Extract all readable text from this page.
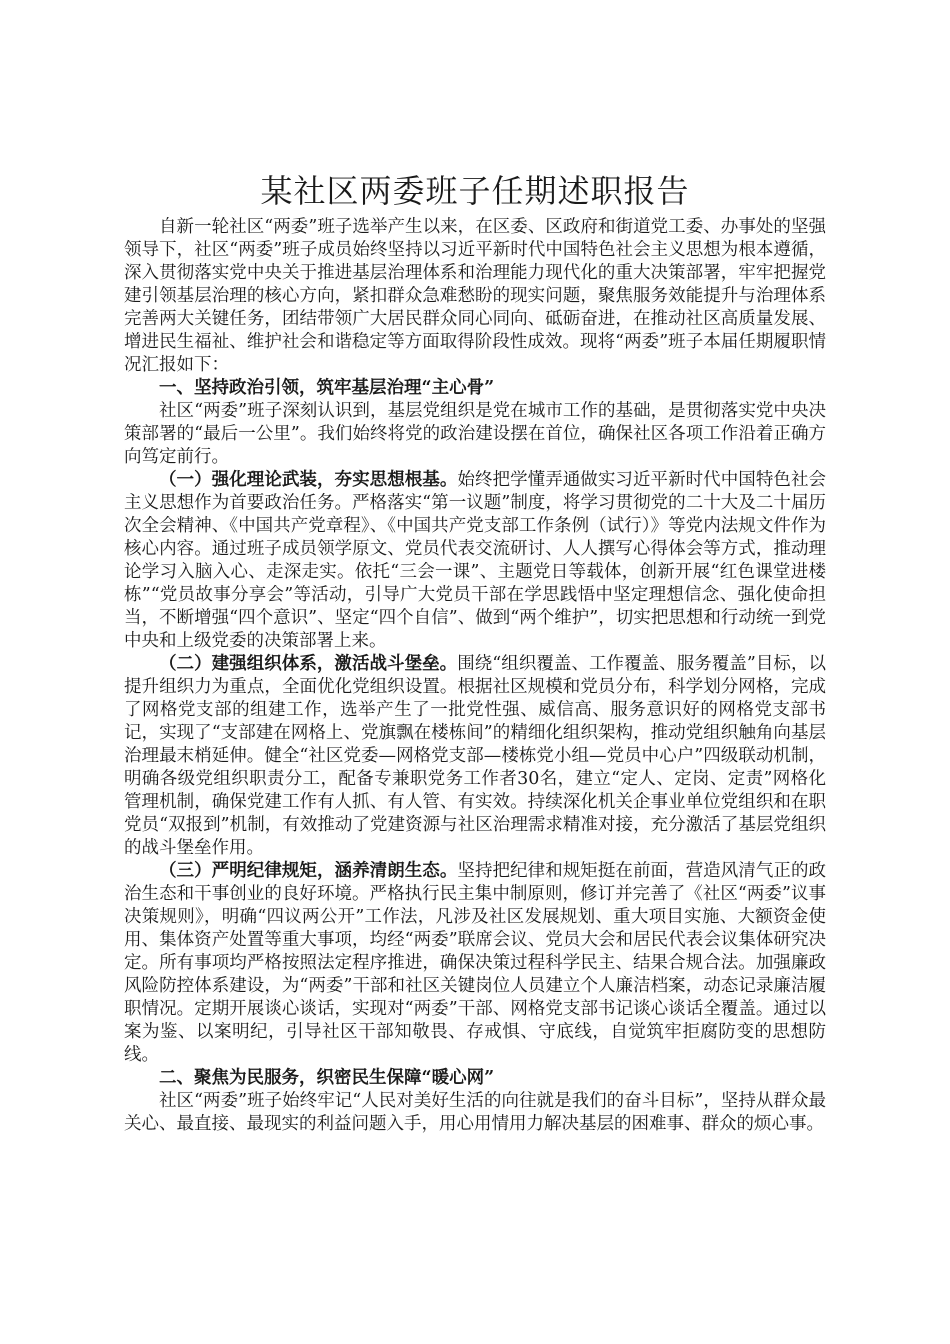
某社区两委班子任期述职报告

自新一轮社区“两委”班子选举产生以来，在区委、区政府和街道党工委、办事处的坚强领导下，社区“两委”班子成员始终坚持以习近平新时代中国特色社会主义思想为根本遵循，深入贯彻落实党中央关于推进基层治理体系和治理能力现代化的重大决策部署，牢牢把握党建引领基层治理的核心方向，紧扣群众急难愁盼的现实问题，聚焦服务效能提升与治理体系完善两大关键任务，团结带领广大居民群众同心同向、砥砺奋进，在推动社区高质量发展、增进民生福祉、维护社会和谐稳定等方面取得阶段性成效。现将“两委”班子本届任期履职情况汇报如下：

一、坚持政治引领，筑牢基层治理“主心骨”

社区“两委”班子深刻认识到，基层党组织是党在城市工作的基础，是贯彻落实党中央决策部署的“最后一公里”。我们始终将党的政治建设摆在首位，确保社区各项工作沿着正确方向笃定前行。

（一）强化理论武装，夯实思想根基。始终把学懂弄通做实习近平新时代中国特色社会主义思想作为首要政治任务。严格落实“第一议题”制度，将学习贯彻党的二十大及二十届历次全会精神、《中国共产党章程》、《中国共产党支部工作条例（试行）》等党内法规文件作为核心内容。通过班子成员领学原文、党员代表交流研讨、人人撰写心得体会等方式，推动理论学习入脑入心、走深走实。依托“三会一课”、主题党日等载体，创新开展“红色课堂进楼栋”“党员故事分享会”等活动，引导广大党员干部在学思践悟中坚定理想信念、强化使命担当，不断增强“四个意识”、坚定“四个自信”、做到“两个维护”，切实把思想和行动统一到党中央和上级党委的决策部署上来。

（二）建强组织体系，激活战斗堡垒。围绕“组织覆盖、工作覆盖、服务覆盖”目标，以提升组织力为重点，全面优化党组织设置。根据社区规模和党员分布，科学划分网格，完成了网格党支部的组建工作，选举产生了一批党性强、威信高、服务意识好的网格党支部书记，实现了“支部建在网格上、党旗飘在楼栋间”的精细化组织架构，推动党组织触角向基层治理最末梢延伸。健全“社区党委—网格党支部—楼栋党小组—党员中心户”四级联动机制，明确各级党组织职责分工，配备专兼职党务工作者30名，建立“定人、定岗、定责”网格化管理机制，确保党建工作有人抓、有人管、有实效。持续深化机关企事业单位党组织和在职党员“双报到”机制，有效推动了党建资源与社区治理需求精准对接，充分激活了基层党组织的战斗堡垒作用。

（三）严明纪律规矩，涵养清朗生态。坚持把纪律和规矩挺在前面，营造风清气正的政治生态和干事创业的良好环境。严格执行民主集中制原则，修订并完善了《社区“两委”议事决策规则》，明确“四议两公开”工作法，凡涉及社区发展规划、重大项目实施、大额资金使用、集体资产处置等重大事项，均经“两委”联席会议、党员大会和居民代表会议集体研究决定。所有事项均严格按照法定程序推进，确保决策过程科学民主、结果合规合法。加强廉政风险防控体系建设，为“两委”干部和社区关键岗位人员建立个人廉洁档案，动态记录廉洁履职情况。定期开展谈心谈话，实现对“两委”干部、网格党支部书记谈心谈话全覆盖。通过以案为鉴、以案明纪，引导社区干部知敬畏、存戒惧、守底线，自觉筑牢拒腐防变的思想防线。

二、聚焦为民服务，织密民生保障“暖心网”

社区“两委”班子始终牢记“人民对美好生活的向往就是我们的奋斗目标”，坚持从群众最关心、最直接、最现实的利益问题入手，用心用情用力解决基层的困难事、群众的烦心事。
